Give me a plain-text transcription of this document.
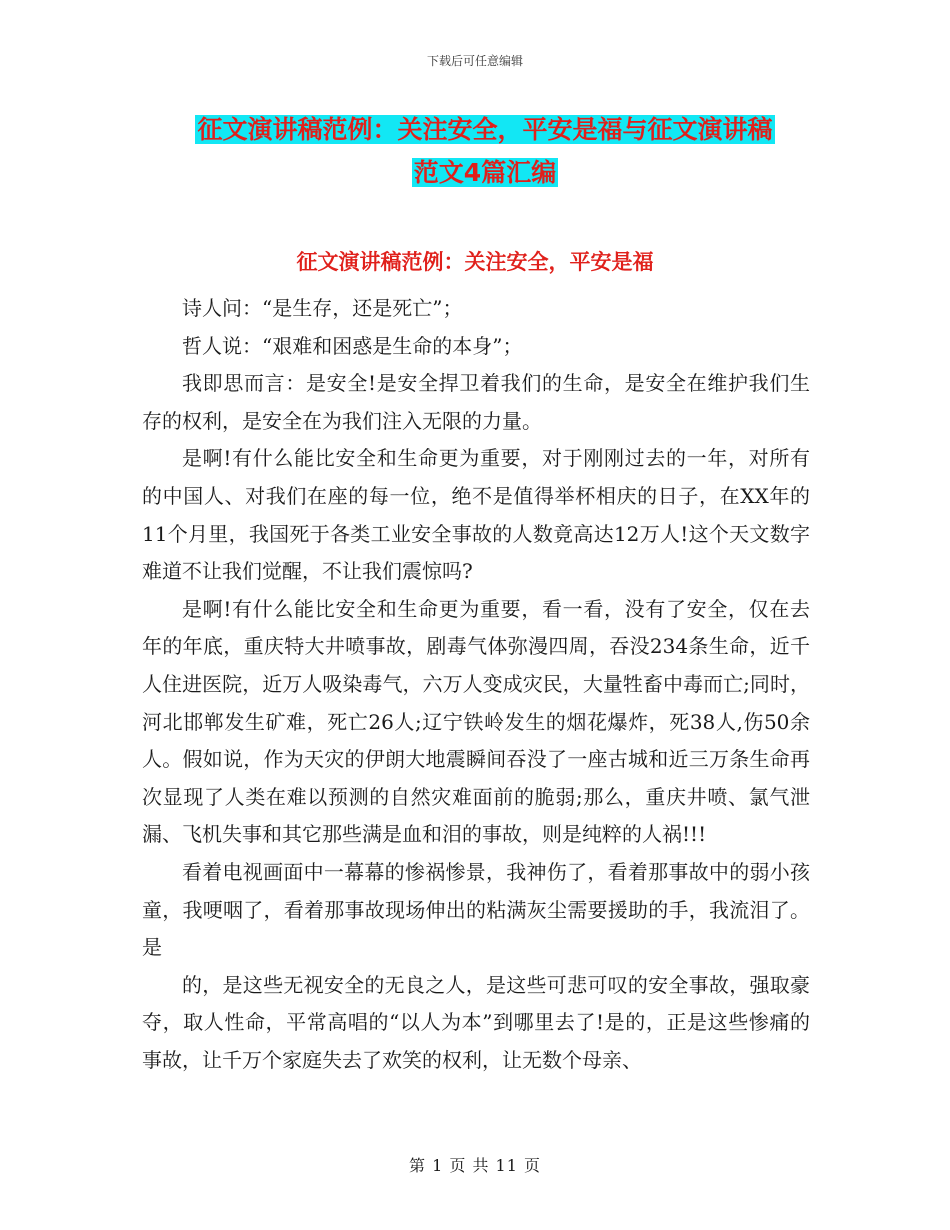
下载后可任意编辑
征文演讲稿范例：关注安全，平安是福与征文演讲稿
范文4篇汇编
征文演讲稿范例：关注安全，平安是福

诗人问：“是生存，还是死亡”；

哲人说：“艰难和困惑是生命的本身”；

我即思而言：是安全!是安全捍卫着我们的生命，是安全在维护我们生存的权利，是安全在为我们注入无限的力量。

是啊!有什么能比安全和生命更为重要，对于刚刚过去的一年，对所有的中国人、对我们在座的每一位，绝不是值得举杯相庆的日子，在XX年的11个月里，我国死于各类工业安全事故的人数竟高达12万人!这个天文数字难道不让我们觉醒，不让我们震惊吗?

是啊!有什么能比安全和生命更为重要，看一看，没有了安全，仅在去年的年底，重庆特大井喷事故，剧毒气体弥漫四周，吞没234条生命，近千人住进医院，近万人吸染毒气，六万人变成灾民，大量牲畜中毒而亡;同时，河北邯郸发生矿难，死亡26人;辽宁铁岭发生的烟花爆炸，死38人,伤50余人。假如说，作为天灾的伊朗大地震瞬间吞没了一座古城和近三万条生命再次显现了人类在难以预测的自然灾难面前的脆弱;那么，重庆井喷、氯气泄漏、飞机失事和其它那些满是血和泪的事故，则是纯粹的人祸!!!

看着电视画面中一幕幕的惨祸惨景，我神伤了，看着那事故中的弱小孩童，我哽咽了，看着那事故现场伸出的粘满灰尘需要援助的手，我流泪了。是

的，是这些无视安全的无良之人，是这些可悲可叹的安全事故，强取豪夺，取人性命，平常高唱的“以人为本”到哪里去了!是的，正是这些惨痛的事故，让千万个家庭失去了欢笑的权利，让无数个母亲、

第 1 页 共 11 页
